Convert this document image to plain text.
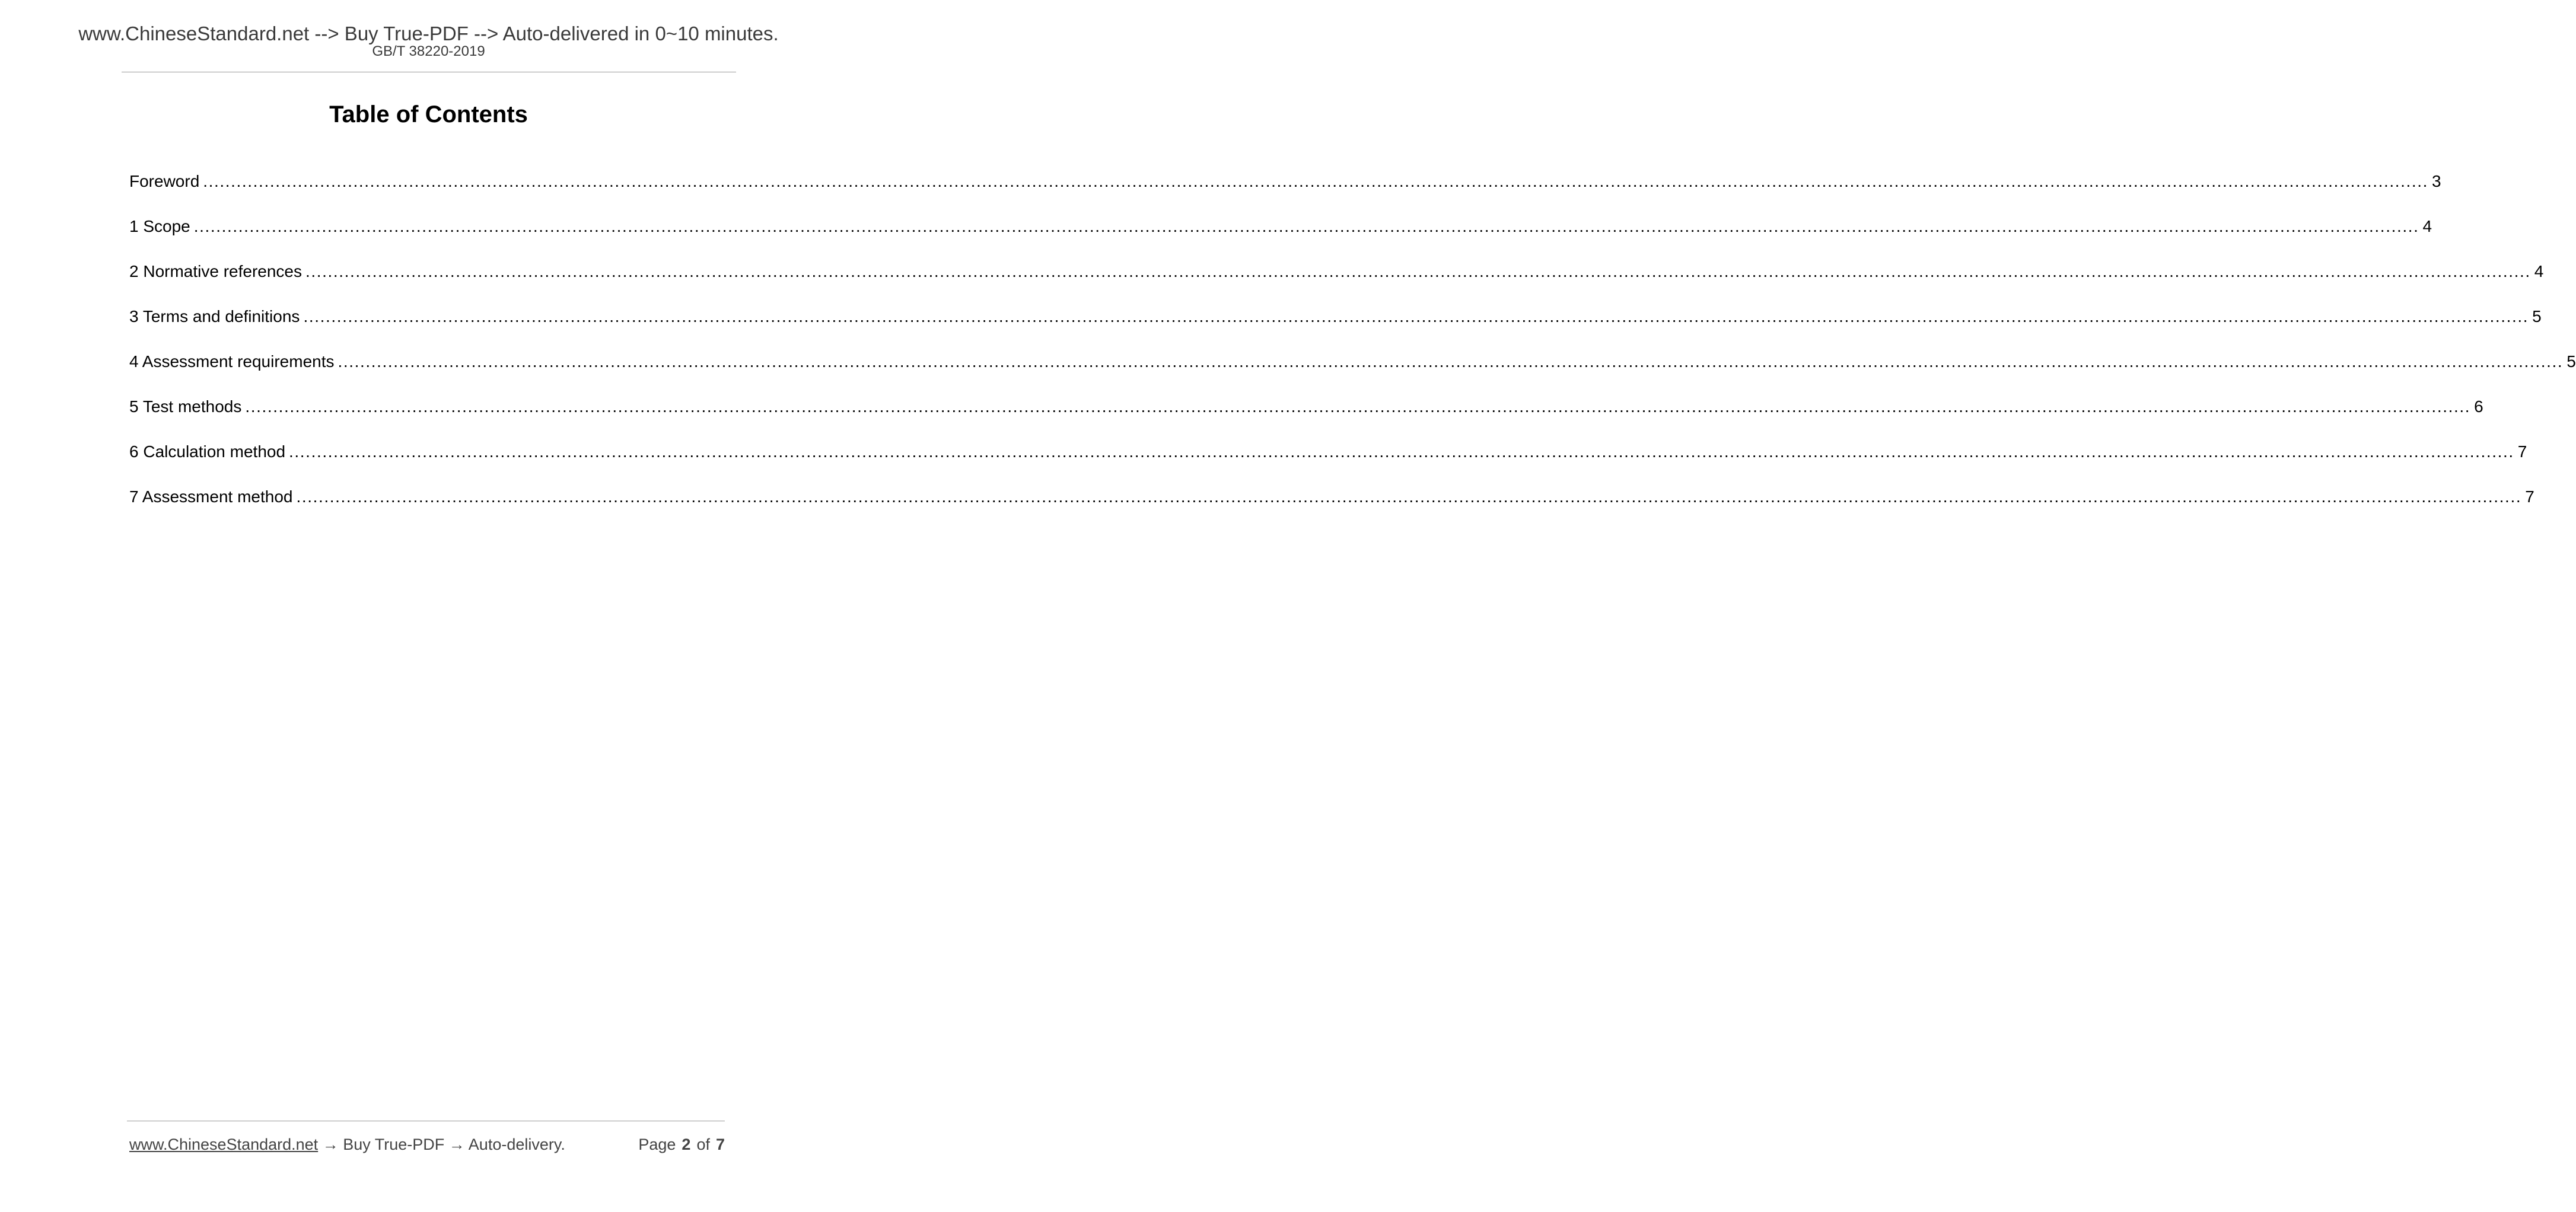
www.ChineseStandard.net --> Buy True-PDF --> Auto-delivered in 0~10 minutes.
GB/T 38220-2019
Table of Contents
Foreword ................................................................................................................................................................................................................................................................................................................................................................................................................ 3
1 Scope ................................................................................................................................................................................................................................................................................................................................................................................................................ 4
2 Normative references ................................................................................................................................................................................................................................................................................................................................................................................................................ 4
3 Terms and definitions ................................................................................................................................................................................................................................................................................................................................................................................................................ 5
4 Assessment requirements ................................................................................................................................................................................................................................................................................................................................................................................................................ 5
5 Test methods ................................................................................................................................................................................................................................................................................................................................................................................................................ 6
6 Calculation method ................................................................................................................................................................................................................................................................................................................................................................................................................ 7
7 Assessment method ................................................................................................................................................................................................................................................................................................................................................................................................................ 7
www.ChineseStandard.net → Buy True-PDF → Auto-delivery.	Page 2 of 7
